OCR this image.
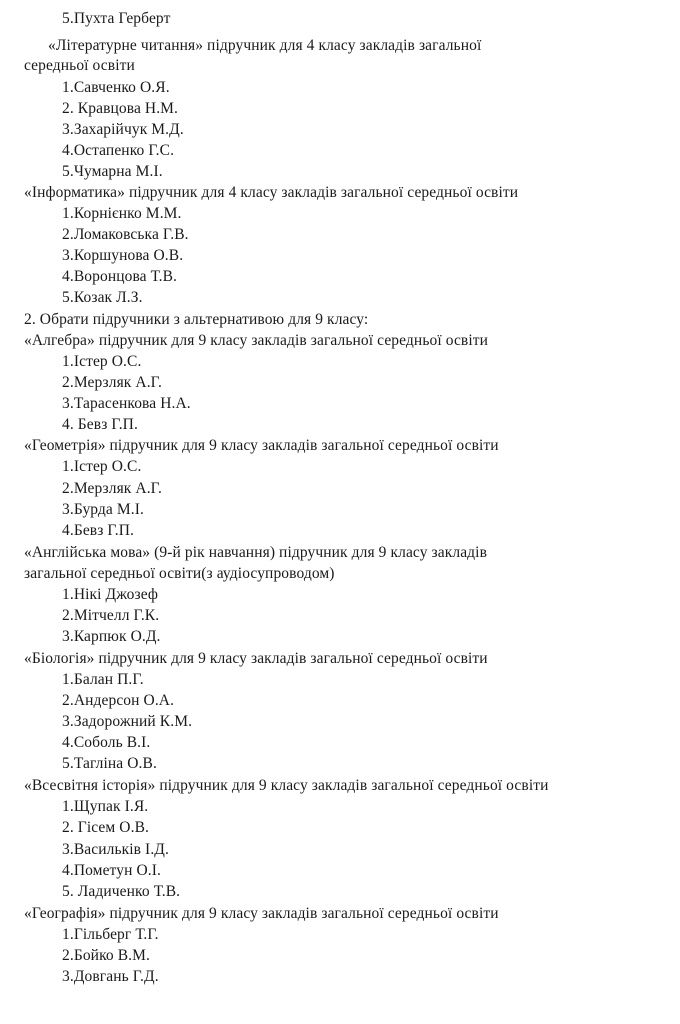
5.Пухта Герберт
«Літературне читання» підручник для 4 класу закладів загальної
середньої освіти
1.Савченко О.Я.
2. Кравцова Н.М.
3.Захарійчук М.Д.
4.Остапенко Г.С.
5.Чумарна М.І.
«Інформатика» підручник для 4 класу закладів загальної середньої освіти
1.Корнієнко М.М.
2.Ломаковська Г.В.
3.Коршунова О.В.
4.Воронцова Т.В.
5.Козак Л.З.
2. Обрати підручники з альтернативою для 9 класу:
«Алгебра» підручник для 9 класу закладів загальної середньої освіти
1.Істер О.С.
2.Мерзляк А.Г.
3.Тарасенкова Н.А.
4. Бевз Г.П.
«Геометрія» підручник для 9 класу закладів загальної середньої освіти
1.Істер О.С.
2.Мерзляк А.Г.
3.Бурда М.І.
4.Бевз Г.П.
«Англійська мова» (9-й рік навчання) підручник для 9 класу закладів
загальної середньої освіти(з аудіосупроводом)
1.Нікі Джозеф
2.Мітчелл Г.К.
3.Карпюк О.Д.
«Біологія» підручник для 9 класу закладів загальної середньої освіти
1.Балан П.Г.
2.Андерсон О.А.
3.Задорожний К.М.
4.Соболь В.І.
5.Тагліна О.В.
«Всесвітня історія» підручник для 9 класу закладів загальної середньої освіти
1.Щупак І.Я.
2. Гісем О.В.
3.Васильків І.Д.
4.Пометун О.І.
5. Ладиченко Т.В.
«Географія» підручник для 9 класу закладів загальної середньої освіти
1.Гільберг Т.Г.
2.Бойко В.М.
3.Довгань Г.Д.
